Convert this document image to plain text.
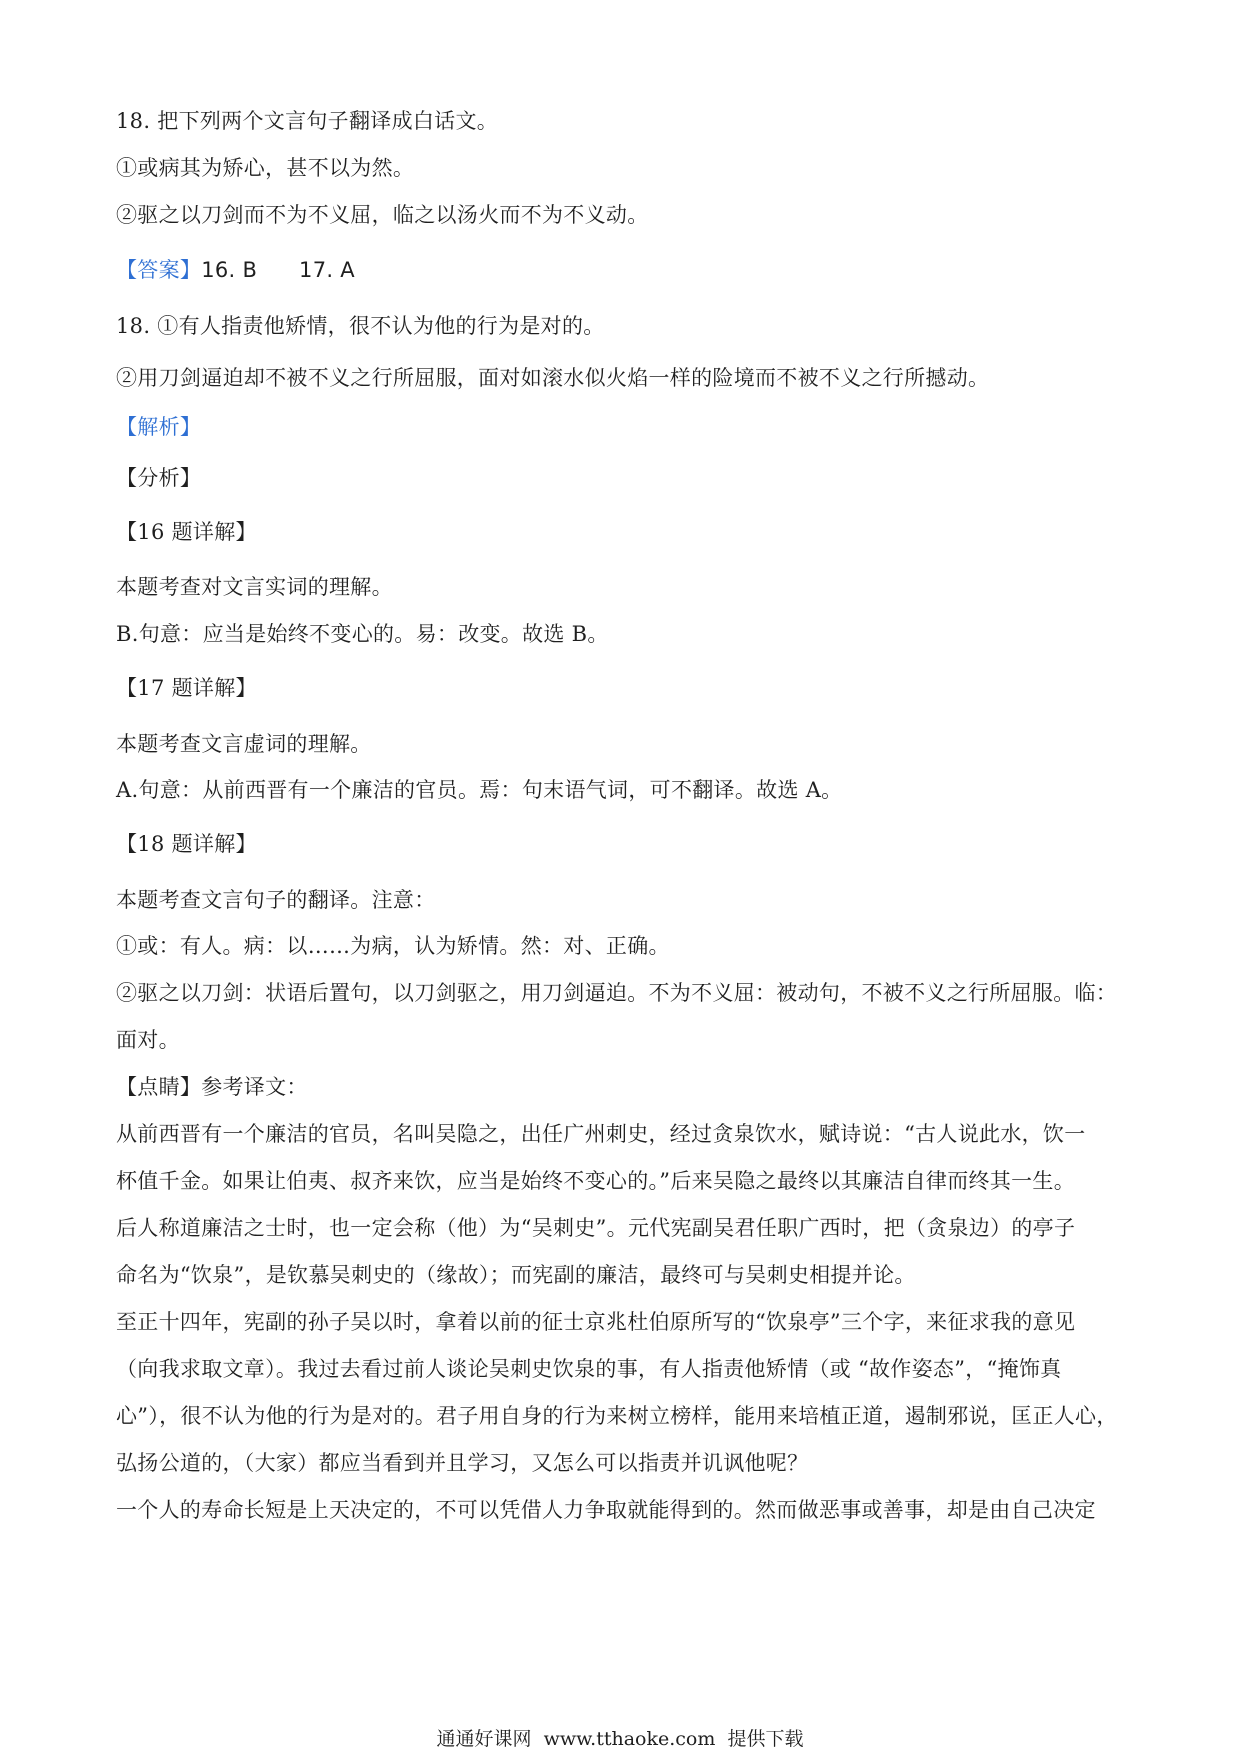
18. 把下列两个文言句子翻译成白话文。
①或病其为矫心，甚不以为然。
②驱之以刀剑而不为不义屈，临之以汤火而不为不义动。
【答案】16. B      17. A
18. ①有人指责他矫情，很不认为他的行为是对的。
②用刀剑逼迫却不被不义之行所屈服，面对如滚水似火焰一样的险境而不被不义之行所撼动。
【解析】
【分析】
【16 题详解】
本题考查对文言实词的理解。
B.句意：应当是始终不变心的。易：改变。故选 B。
【17 题详解】
本题考查文言虚词的理解。
A.句意：从前西晋有一个廉洁的官员。焉：句末语气词，可不翻译。故选 A。
【18 题详解】
本题考查文言句子的翻译。注意：
①或：有人。病：以……为病，认为矫情。然：对、正确。
②驱之以刀剑：状语后置句，以刀剑驱之，用刀剑逼迫。不为不义屈：被动句，不被不义之行所屈服。临：
面对。
【点睛】参考译文：
从前西晋有一个廉洁的官员，名叫吴隐之，出任广州刺史，经过贪泉饮水，赋诗说：“古人说此水，饮一
杯值千金。如果让伯夷、叔齐来饮，应当是始终不变心的。”后来吴隐之最终以其廉洁自律而终其一生。
后人称道廉洁之士时，也一定会称（他）为“吴刺史”。元代宪副吴君任职广西时，把（贪泉边）的亭子
命名为“饮泉”，是钦慕吴刺史的（缘故）；而宪副的廉洁，最终可与吴刺史相提并论。
至正十四年，宪副的孙子吴以时，拿着以前的征士京兆杜伯原所写的“饮泉亭”三个字，来征求我的意见
（向我求取文章）。我过去看过前人谈论吴刺史饮泉的事，有人指责他矫情（或 “故作姿态”，“掩饰真
心”），很不认为他的行为是对的。君子用自身的行为来树立榜样，能用来培植正道，遏制邪说，匡正人心，
弘扬公道的，（大家）都应当看到并且学习，又怎么可以指责并讥讽他呢？
一个人的寿命长短是上天决定的，不可以凭借人力争取就能得到的。然而做恶事或善事，却是由自己决定
通通好课网  www.tthaoke.com  提供下载
